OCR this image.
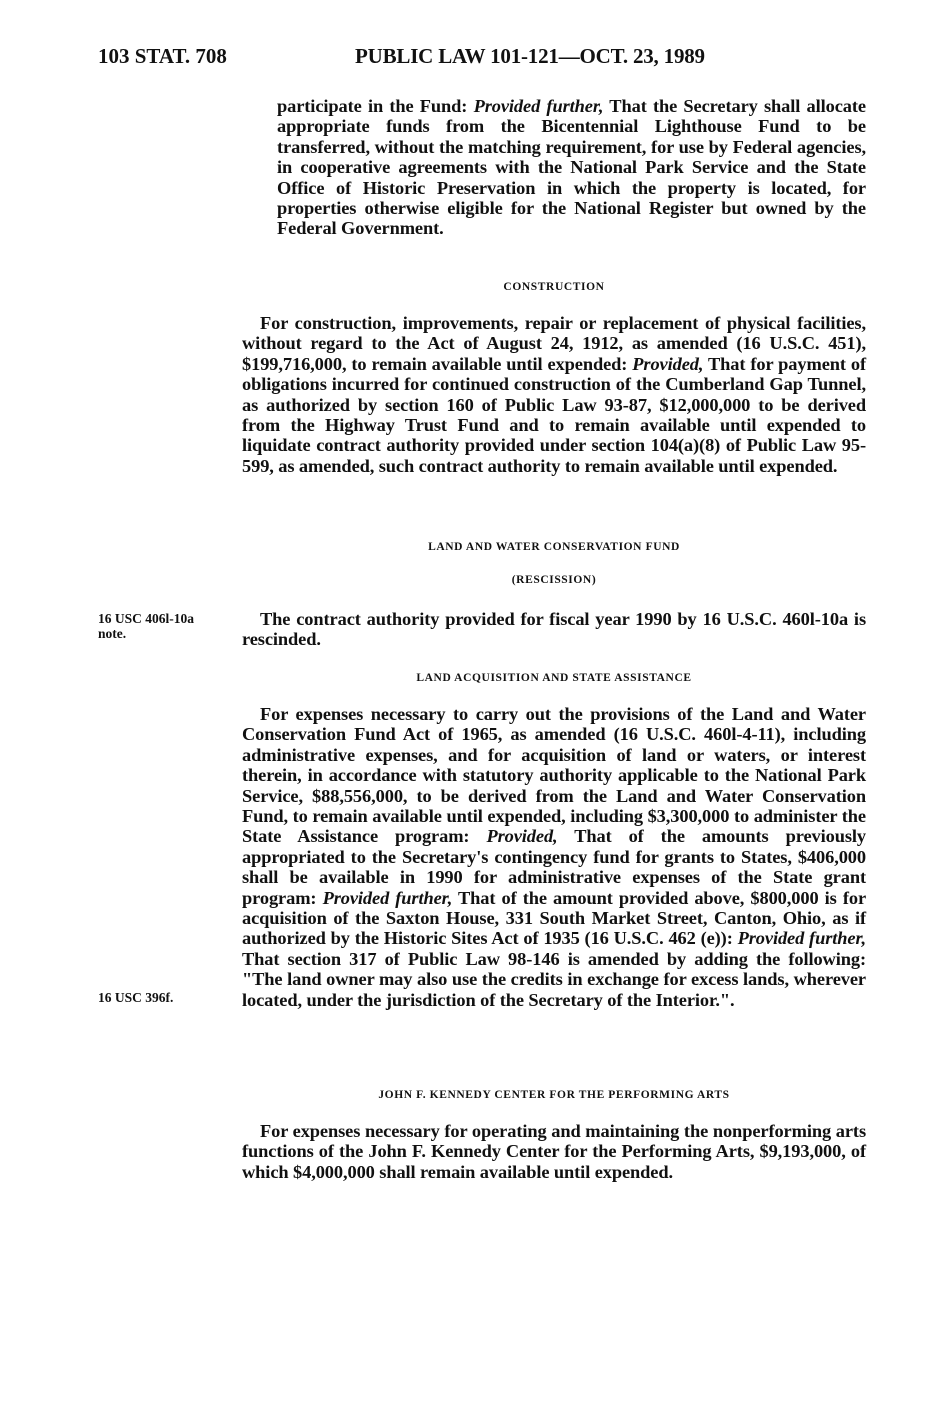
103 STAT. 708	PUBLIC LAW 101-121—OCT. 23, 1989
participate in the Fund: Provided further, That the Secretary shall allocate appropriate funds from the Bicentennial Lighthouse Fund to be transferred, without the matching requirement, for use by Federal agencies, in cooperative agreements with the National Park Service and the State Office of Historic Preservation in which the property is located, for properties otherwise eligible for the National Register but owned by the Federal Government.
CONSTRUCTION
For construction, improvements, repair or replacement of physical facilities, without regard to the Act of August 24, 1912, as amended (16 U.S.C. 451), $199,716,000, to remain available until expended: Provided, That for payment of obligations incurred for continued construction of the Cumberland Gap Tunnel, as authorized by section 160 of Public Law 93-87, $12,000,000 to be derived from the Highway Trust Fund and to remain available until expended to liquidate contract authority provided under section 104(a)(8) of Public Law 95-599, as amended, such contract authority to remain available until expended.
LAND AND WATER CONSERVATION FUND
(RESCISSION)
16 USC 406l-10a
note.
The contract authority provided for fiscal year 1990 by 16 U.S.C. 460l-10a is rescinded.
LAND ACQUISITION AND STATE ASSISTANCE
For expenses necessary to carry out the provisions of the Land and Water Conservation Fund Act of 1965, as amended (16 U.S.C. 460l-4-11), including administrative expenses, and for acquisition of land or waters, or interest therein, in accordance with statutory authority applicable to the National Park Service, $88,556,000, to be derived from the Land and Water Conservation Fund, to remain available until expended, including $3,300,000 to administer the State Assistance program: Provided, That of the amounts previously appropriated to the Secretary's contingency fund for grants to States, $406,000 shall be available in 1990 for administrative expenses of the State grant program: Provided further, That of the amount provided above, $800,000 is for acquisition of the Saxton House, 331 South Market Street, Canton, Ohio, as if authorized by the Historic Sites Act of 1935 (16 U.S.C. 462 (e)): Provided further, That section 317 of Public Law 98-146 is amended by adding the following: "The land owner may also use the credits in exchange for excess lands, wherever located, under the jurisdiction of the Secretary of the Interior.".
16 USC 396f.
JOHN F. KENNEDY CENTER FOR THE PERFORMING ARTS
For expenses necessary for operating and maintaining the nonperforming arts functions of the John F. Kennedy Center for the Performing Arts, $9,193,000, of which $4,000,000 shall remain available until expended.
